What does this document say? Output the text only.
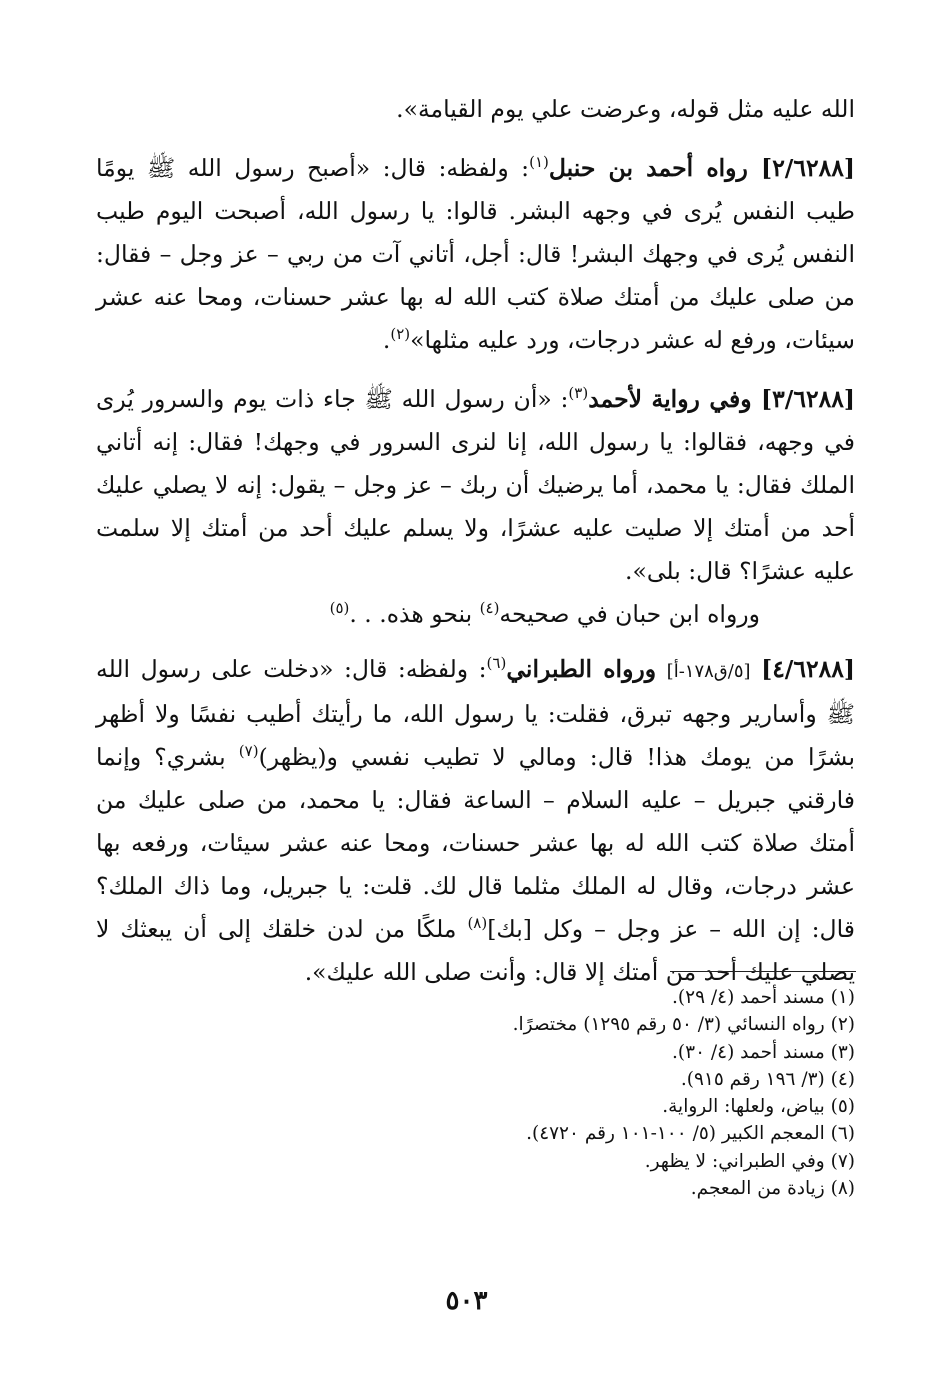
الله عليه مثل قوله، وعرضت علي يوم القيامة».

[٢/٦٢٨٨] رواه أحمد بن حنبل$^{(١)}$: ولفظه: قال: «أصبح رسول الله ﷺ يومًا طيب النفس يُرى في وجهه البشر. قالوا: يا رسول الله، أصبحت اليوم طيب النفس يُرى في وجهك البشر! قال: أجل، أتاني آت من ربي – عز وجل – فقال: من صلى عليك من أمتك صلاة كتب الله له بها عشر حسنات، ومحا عنه عشر سيئات، ورفع له عشر درجات، ورد عليه مثلها»$^{(٢)}$.

[٣/٦٢٨٨] وفي رواية لأحمد$^{(٣)}$: «أن رسول الله ﷺ جاء ذات يوم والسرور يُرى في وجهه، فقالوا: يا رسول الله، إنا لنرى السرور في وجهك! فقال: إنه أتاني الملك فقال: يا محمد، أما يرضيك أن ربك – عز وجل – يقول: إنه لا يصلي عليك أحد من أمتك إلا صليت عليه عشرًا، ولا يسلم عليك أحد من أمتك إلا سلمت عليه عشرًا؟ قال: بلى».

ورواه ابن حبان في صحيحه$^{(٤)}$ بنحو هذه. . .$^{(٥)}$

[٤/٦٢٨٨] [٥/ق١٧٨-أ] ورواه الطبراني$^{(٦)}$: ولفظه: قال: «دخلت على رسول الله ﷺ وأسارير وجهه تبرق، فقلت: يا رسول الله، ما رأيتك أطيب نفسًا ولا أظهر بشرًا من يومك هذا! قال: ومالي لا تطيب نفسي و(يظهر)$^{(٧)}$ بشري؟ وإنما فارقني جبريل – عليه السلام – الساعة فقال: يا محمد، من صلى عليك من أمتك صلاة كتب الله له بها عشر حسنات، ومحا عنه عشر سيئات، ورفعه بها عشر درجات، وقال له الملك مثلما قال لك. قلت: يا جبريل، وما ذاك الملك؟ قال: إن الله – عز وجل – وكل [بك]$^{(٨)}$ ملكًا من لدن خلقك إلى أن يبعثك لا يصلي عليك أحد من أمتك إلا قال: وأنت صلى الله عليك».

(١) مسند أحمد (٤/ ٢٩).
(٢) رواه النسائي (٣/ ٥٠ رقم ١٢٩٥) مختصرًا.
(٣) مسند أحمد (٤/ ٣٠).
(٤) (٣/ ١٩٦ رقم ٩١٥).
(٥) بياض، ولعلها: الرواية.
(٦) المعجم الكبير (٥/ ١٠٠-١٠١ رقم ٤٧٢٠).
(٧) وفي الطبراني: لا يظهر.
(٨) زيادة من المعجم.
٥٠٣
